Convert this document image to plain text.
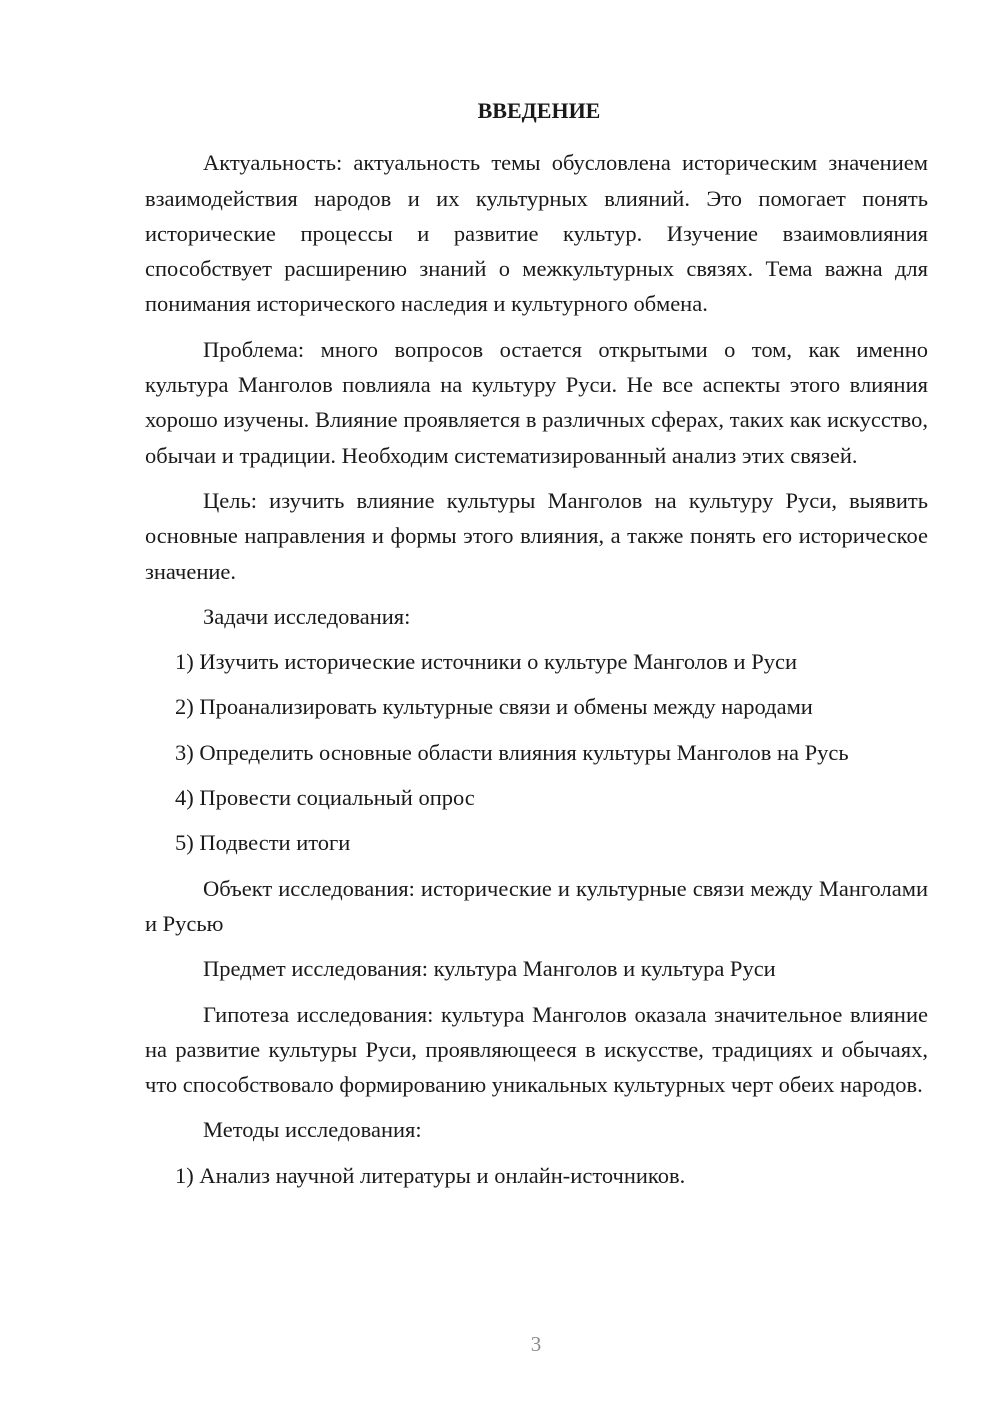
ВВЕДЕНИЕ

Актуальность: актуальность темы обусловлена историческим значением взаимодействия народов и их культурных влияний. Это помогает понять исторические процессы и развитие культур. Изучение взаимовлияния способствует расширению знаний о межкультурных связях. Тема важна для понимания исторического наследия и культурного обмена.

Проблема: много вопросов остается открытыми о том, как именно культура Манголов повлияла на культуру Руси. Не все аспекты этого влияния хорошо изучены. Влияние проявляется в различных сферах, таких как искусство, обычаи и традиции. Необходим систематизированный анализ этих связей.

Цель: изучить влияние культуры Манголов на культуру Руси, выявить основные направления и формы этого влияния, а также понять его историческое значение.

Задачи исследования:

1) Изучить исторические источники о культуре Манголов и Руси

2) Проанализировать культурные связи и обмены между народами

3) Определить основные области влияния культуры Манголов на Русь

4) Провести социальный опрос

5) Подвести итоги

Объект исследования: исторические и культурные связи между Манголами и Русью

Предмет исследования: культура Манголов и культура Руси

Гипотеза исследования: культура Манголов оказала значительное влияние на развитие культуры Руси, проявляющееся в искусстве, традициях и обычаях, что способствовало формированию уникальных культурных черт обеих народов.

Методы исследования:

1) Анализ научной литературы и онлайн-источников.

3
